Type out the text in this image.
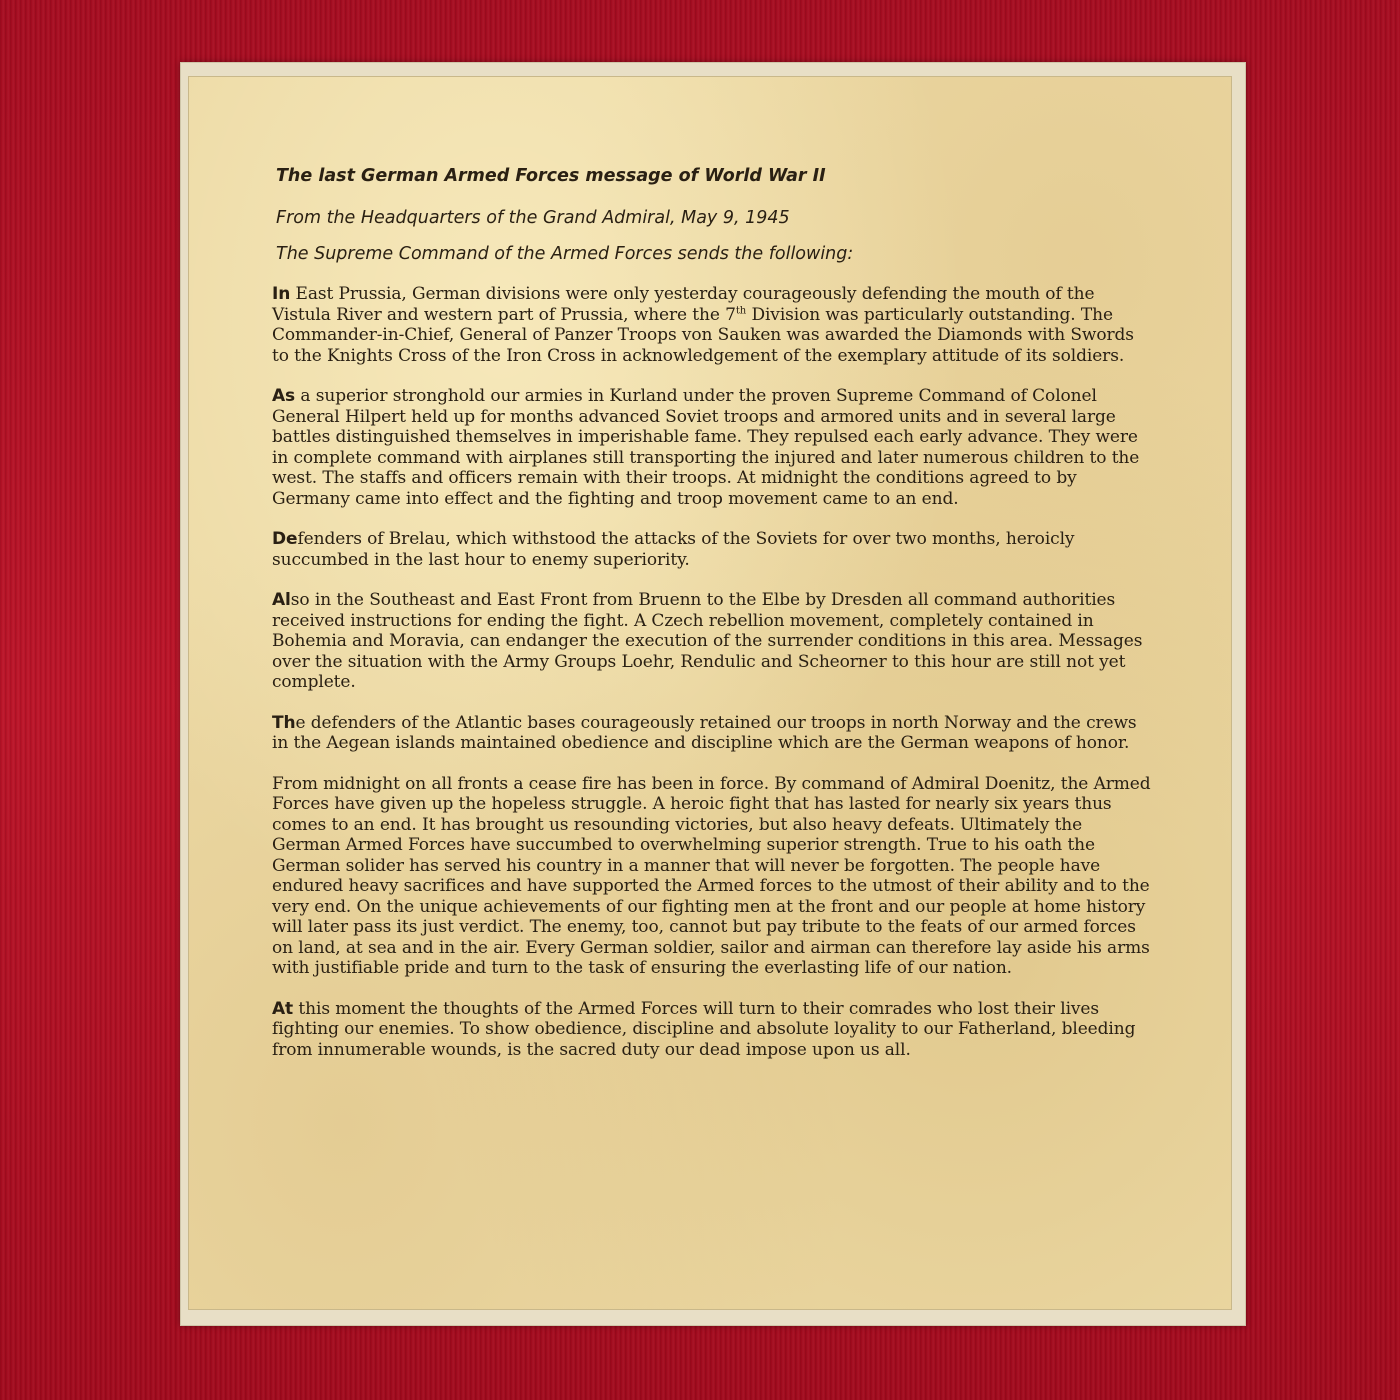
The last German Armed Forces message of World War II
From the Headquarters of the Grand Admiral, May 9, 1945
The Supreme Command of the Armed Forces sends the following:

In East Prussia, German divisions were only yesterday courageously defending the mouth of the Vistula River and western part of Prussia, where the 7th Division was particularly outstanding. The Commander-in-Chief, General of Panzer Troops von Sauken was awarded the Diamonds with Swords to the Knights Cross of the Iron Cross in acknowledgement of the exemplary attitude of its soldiers.

As a superior stronghold our armies in Kurland under the proven Supreme Command of Colonel General Hilpert held up for months advanced Soviet troops and armored units and in several large battles distinguished themselves in imperishable fame. They repulsed each early advance. They were in complete command with airplanes still transporting the injured and later numerous children to the west. The staffs and officers remain with their troops. At midnight the conditions agreed to by Germany came into effect and the fighting and troop movement came to an end.

Defenders of Brelau, which withstood the attacks of the Soviets for over two months, heroicly succumbed in the last hour to enemy superiority.

Also in the Southeast and East Front from Bruenn to the Elbe by Dresden all command authorities received instructions for ending the fight. A Czech rebellion movement, completely contained in Bohemia and Moravia, can endanger the execution of the surrender conditions in this area. Messages over the situation with the Army Groups Loehr, Rendulic and Scheorner to this hour are still not yet complete.

The defenders of the Atlantic bases courageously retained our troops in north Norway and the crews in the Aegean islands maintained obedience and discipline which are the German weapons of honor.

From midnight on all fronts a cease fire has been in force. By command of Admiral Doenitz, the Armed Forces have given up the hopeless struggle. A heroic fight that has lasted for nearly six years thus comes to an end. It has brought us resounding victories, but also heavy defeats. Ultimately the German Armed Forces have succumbed to overwhelming superior strength. True to his oath the German solider has served his country in a manner that will never be forgotten. The people have endured heavy sacrifices and have supported the Armed forces to the utmost of their ability and to the very end. On the unique achievements of our fighting men at the front and our people at home history will later pass its just verdict. The enemy, too, cannot but pay tribute to the feats of our armed forces on land, at sea and in the air. Every German soldier, sailor and airman can therefore lay aside his arms with justifiable pride and turn to the task of ensuring the everlasting life of our nation.

At this moment the thoughts of the Armed Forces will turn to their comrades who lost their lives fighting our enemies. To show obedience, discipline and absolute loyality to our Fatherland, bleeding from innumerable wounds, is the sacred duty our dead impose upon us all.
